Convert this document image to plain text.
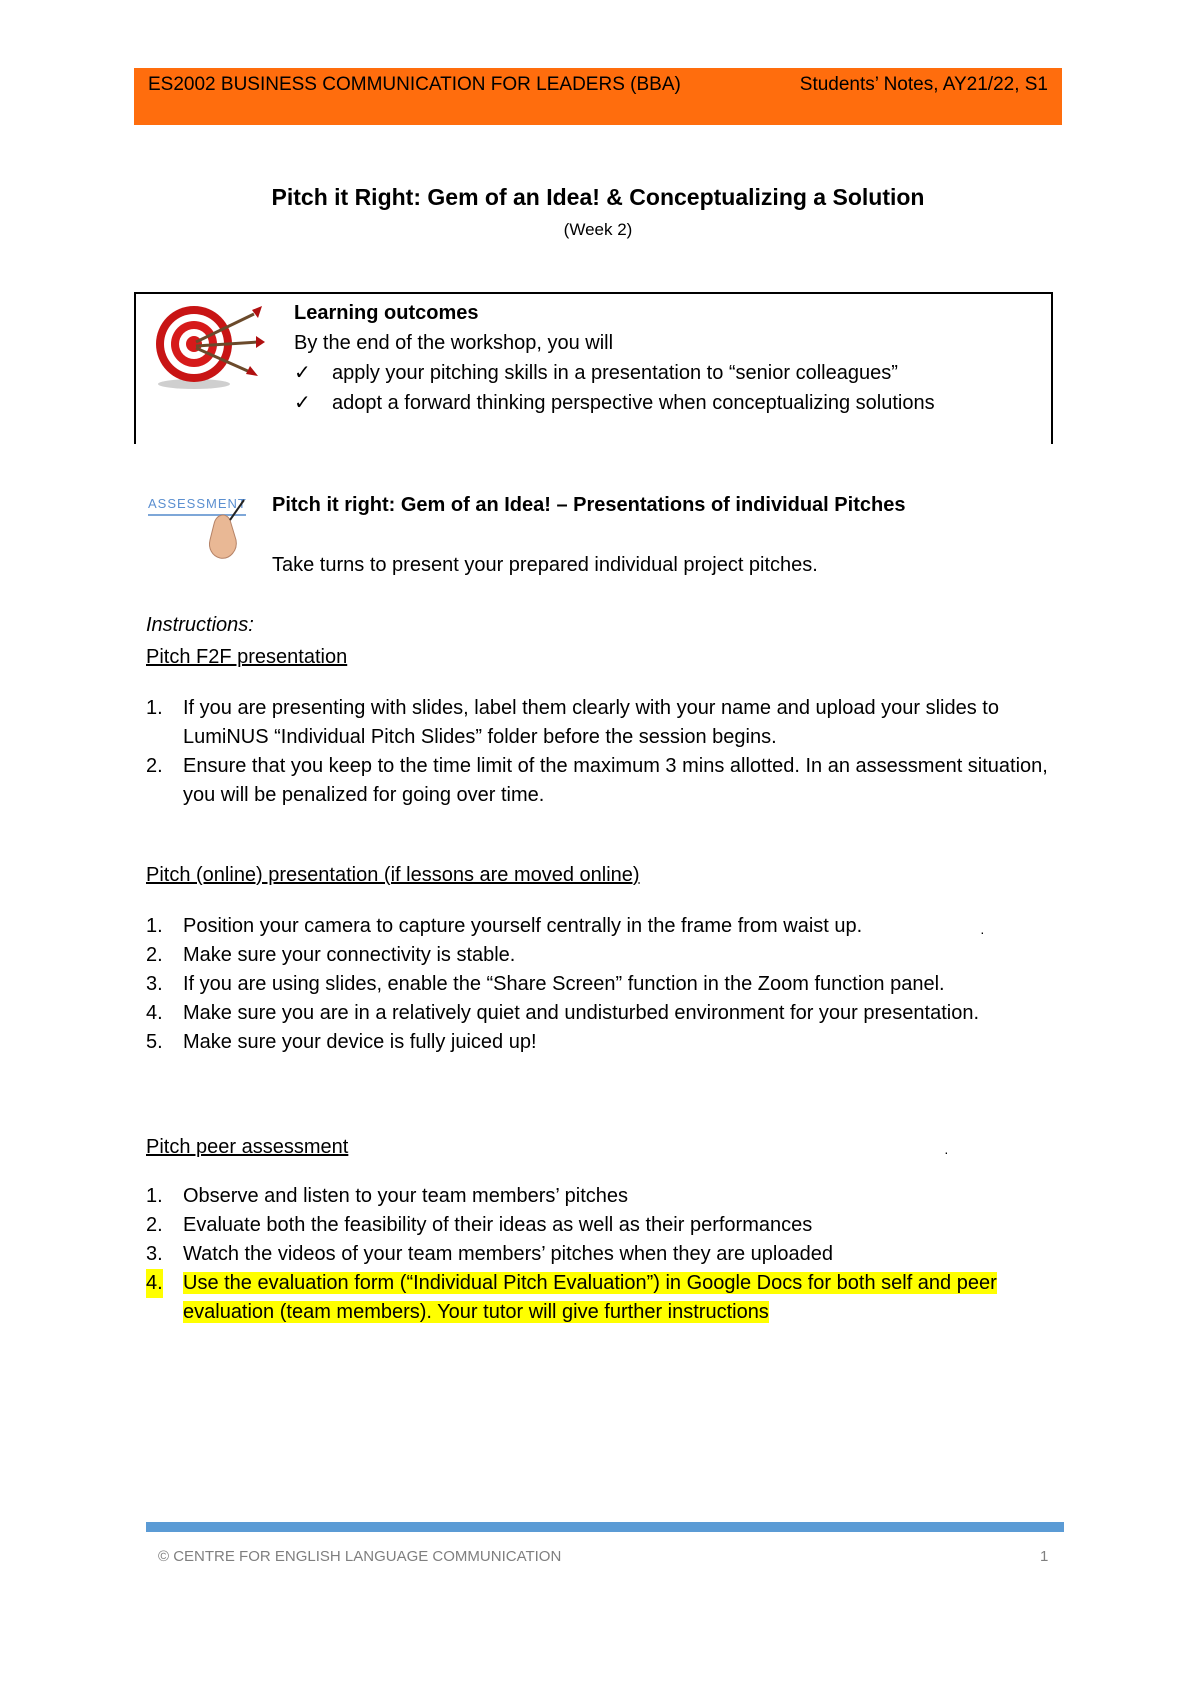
ES2002 BUSINESS COMMUNICATION FOR LEADERS (BBA)	Students’ Notes, AY21/22, S1
Pitch it Right: Gem of an Idea! & Conceptualizing a Solution
(Week 2)
Learning outcomes
By the end of the workshop, you will
✓ apply your pitching skills in a presentation to “senior colleagues”
✓ adopt a forward thinking perspective when conceptualizing solutions
ASSESSMENT Pitch it right: Gem of an Idea! – Presentations of individual Pitches
Take turns to present your prepared individual project pitches.
Instructions:
Pitch F2F presentation
1. If you are presenting with slides, label them clearly with your name and upload your slides to LumiNUS “Individual Pitch Slides” folder before the session begins.
2. Ensure that you keep to the time limit of the maximum 3 mins allotted. In an assessment situation, you will be penalized for going over time.
Pitch (online) presentation (if lessons are moved online)
1. Position your camera to capture yourself centrally in the frame from waist up.
2. Make sure your connectivity is stable.
3. If you are using slides, enable the “Share Screen” function in the Zoom function panel.
4. Make sure you are in a relatively quiet and undisturbed environment for your presentation.
5. Make sure your device is fully juiced up!
Pitch peer assessment
1. Observe and listen to your team members’ pitches
2. Evaluate both the feasibility of their ideas as well as their performances
3. Watch the videos of your team members’ pitches when they are uploaded
4. Use the evaluation form (“Individual Pitch Evaluation”) in Google Docs for both self and peer evaluation (team members). Your tutor will give further instructions
·
·
© CENTRE FOR ENGLISH LANGUAGE COMMUNICATION	1
